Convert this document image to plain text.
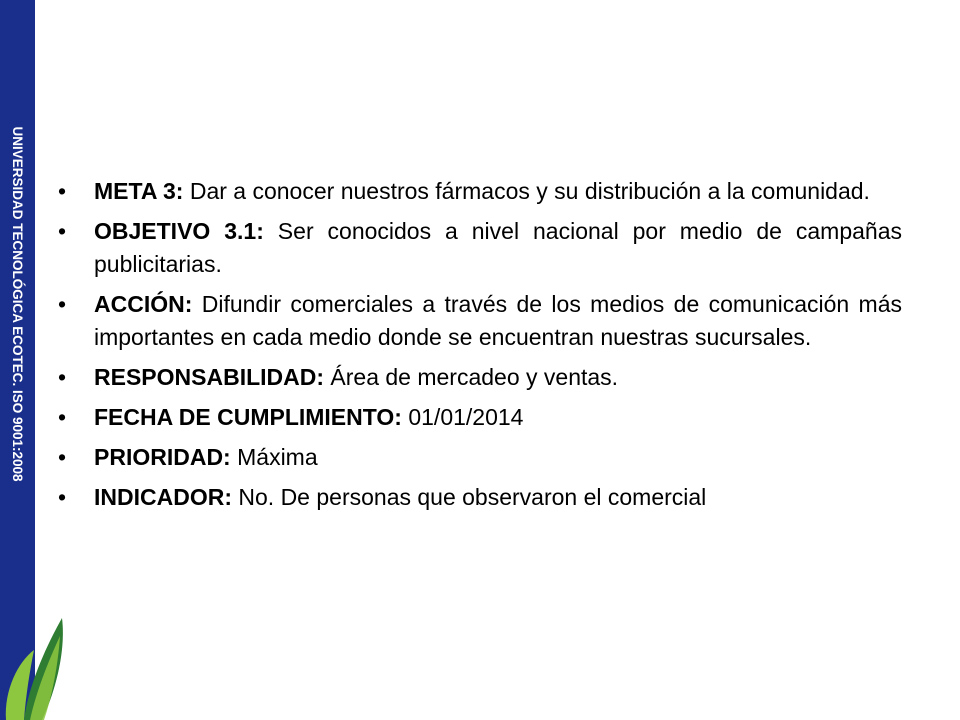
UNIVERSIDAD TECNOLÓGICA ECOTEC. ISO 9001:2008
•	META 3: Dar a conocer nuestros fármacos y su distribución a la comunidad.
• OBJETIVO 3.1: Ser conocidos a nivel nacional por medio de campañas publicitarias.
• ACCIÓN: Difundir comerciales a través de los medios de comunicación más importantes en cada medio donde se encuentran nuestras sucursales.
• RESPONSABILIDAD: Área de mercadeo y ventas.
• FECHA DE CUMPLIMIENTO: 01/01/2014
• PRIORIDAD: Máxima
• INDICADOR: No. De personas que observaron el comercial
